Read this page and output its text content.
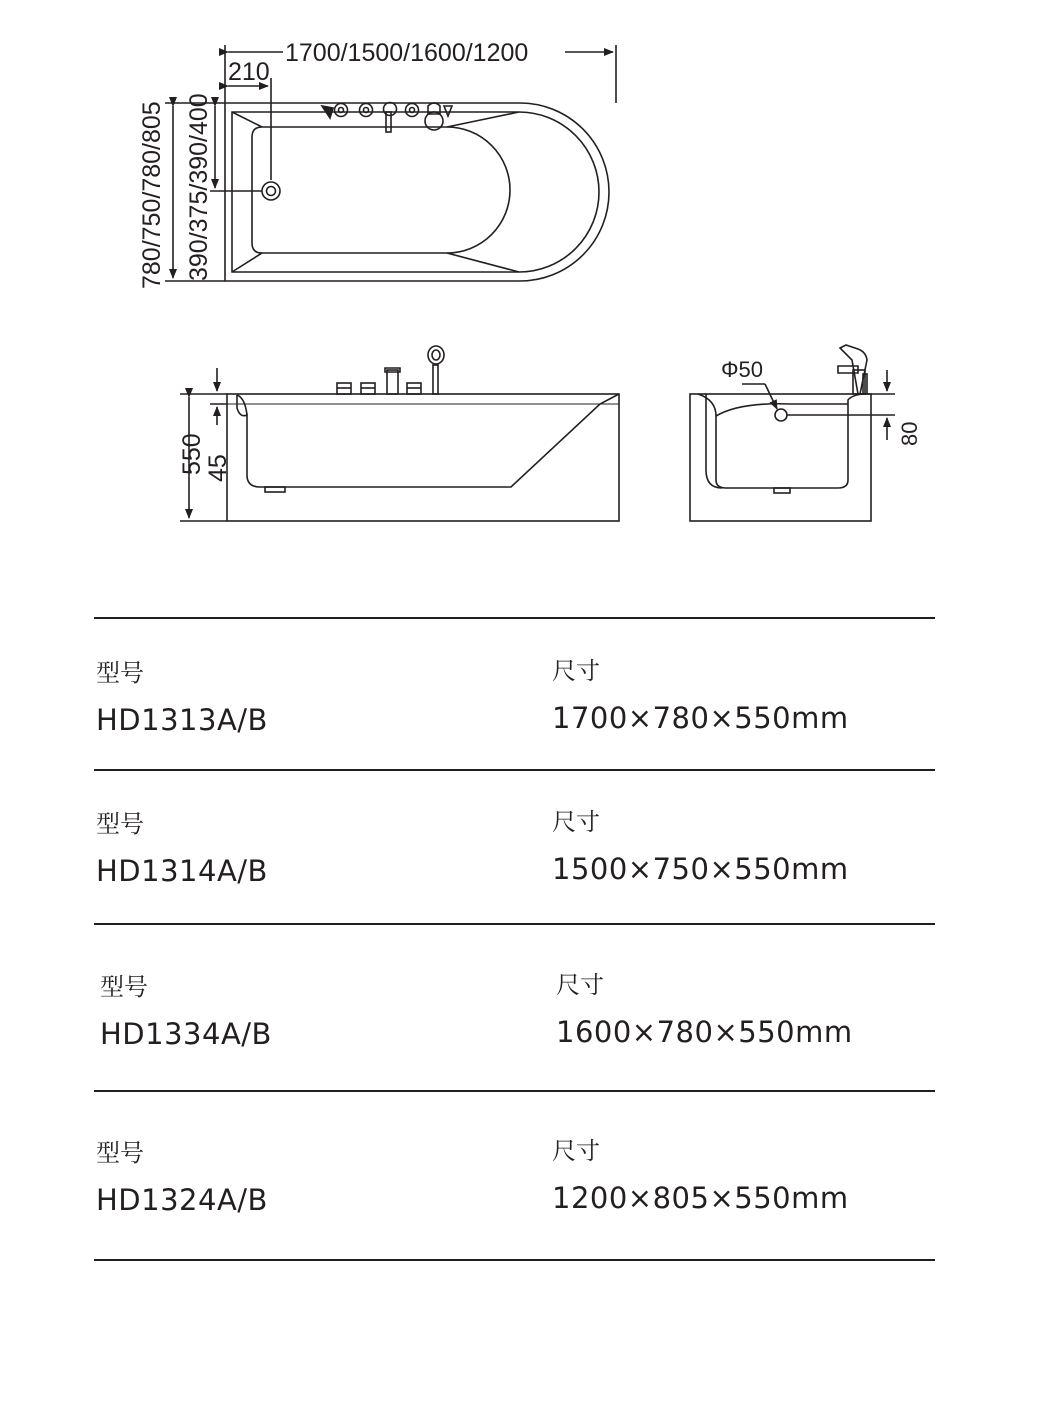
1700/1500/1600/1200
210
780/750/780/805 390/375/390/400
550
45
Φ50
80
型号
HD1313A/B
尺寸
1700×780×550mm
型号
HD1314A/B
尺寸
1500×750×550mm
型号
HD1334A/B
尺寸
1600×780×550mm
型号
HD1324A/B
尺寸
1200×805×550mm
